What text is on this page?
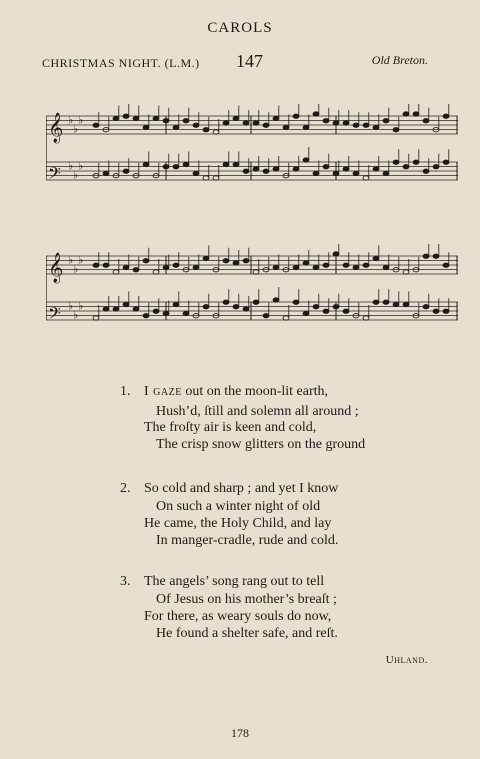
CAROLS
CHRISTMAS NIGHT. (L.M.) 147	Old Breton.
𝄞 ♭
♭
♭
𝄢 ♭
♭
♭
𝄞 ♭
♭
♭
𝄢 ♭
♭
♭
1. I gaze out on the moon-lit earth,
Hush’d, ſtill and solemn all around ;
The froſty air is keen and cold,
The crisp snow glitters on the ground
2. So cold and sharp ; and yet I know
On such a winter night of old
He came, the Holy Child, and lay
In manger-cradle, rude and cold.
3. The angels’ song rang out to tell
Of Jesus on his mother’s breaſt ;
For there, as weary souls do now,
He found a shelter safe, and reſt.
Uhland.
178
